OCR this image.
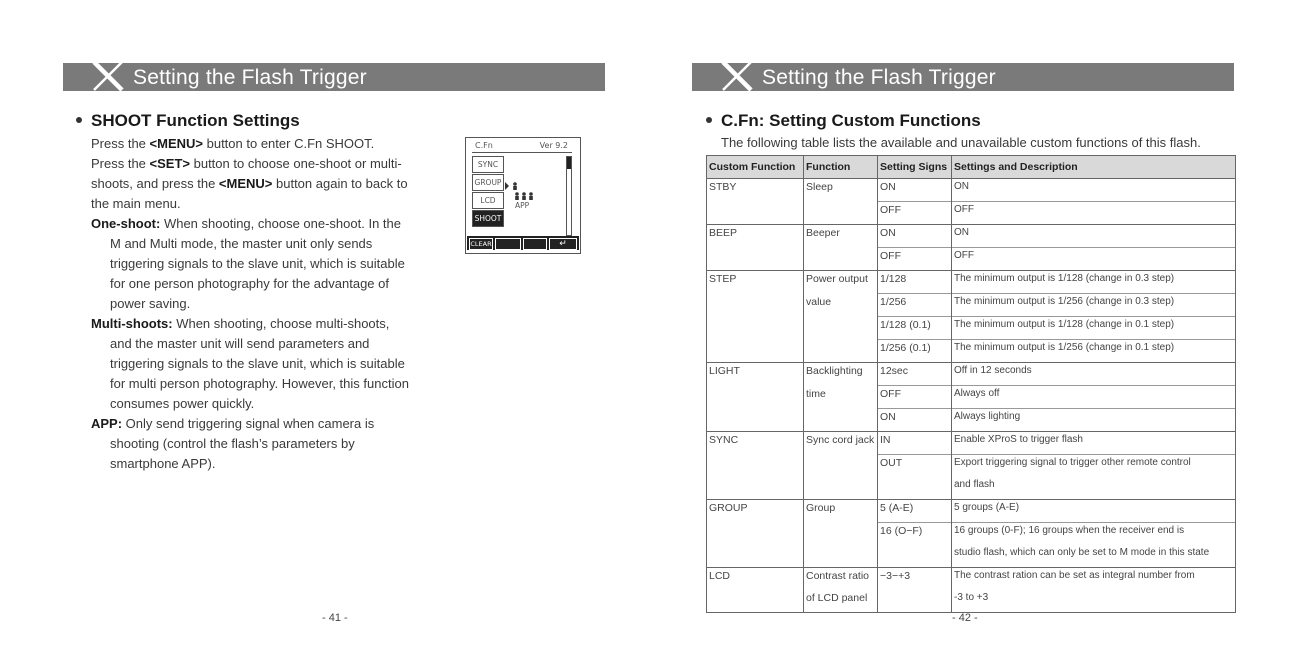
Setting the Flash Trigger
SHOOT Function Settings
Press the <MENU> button to enter C.Fn SHOOT.
Press the <SET> button to choose one-shoot or multi-
shoots, and press the <MENU> button again to back to
the main menu.
One-shoot: When shooting, choose one-shoot. In the
M and Multi mode, the master unit only sends
triggering signals to the slave unit, which is suitable
for one person photography for the advantage of
power saving.
Multi-shoots: When shooting, choose multi-shoots,
and the master unit will send parameters and
triggering signals to the slave unit, which is suitable
for multi person photography. However, this function
consumes power quickly.
APP: Only send triggering signal when camera is
shooting (control the flash’s parameters by
smartphone APP).
C.Fn	Ver 9.2
SYNC
GROUP
LCD
SHOOT
APP
CLEAR	↵
- 41 -
Setting the Flash Trigger
C.Fn: Setting Custom Functions
The following table lists the available and unavailable custom functions of this flash.
Custom Function	Function	Setting Signs	Settings and Description
STBY	Sleep	ON	ON
		OFF	OFF
BEEP	Beeper	ON	ON
		OFF	OFF
STEP	Power output	1/128	The minimum output is 1/128 (change in 0.3 step)
	value	1/256	The minimum output is 1/256 (change in 0.3 step)
		1/128 (0.1)	The minimum output is 1/128 (change in 0.1 step)
		1/256 (0.1)	The minimum output is 1/256 (change in 0.1 step)
LIGHT	Backlighting	12sec	Off in 12 seconds
	time	OFF	Always off
		ON	Always lighting
SYNC	Sync cord jack	IN	Enable XProS to trigger flash
		OUT	Export triggering signal to trigger other remote control
			and flash
GROUP	Group	5 (A-E)	5 groups (A-E)
		16 (O−F)	16 groups (0-F); 16 groups when the receiver end is
			studio flash, which can only be set to M mode in this state
LCD	Contrast ratio	−3−+3	The contrast ration can be set as integral number from
	of LCD panel		-3 to +3
- 42 -
